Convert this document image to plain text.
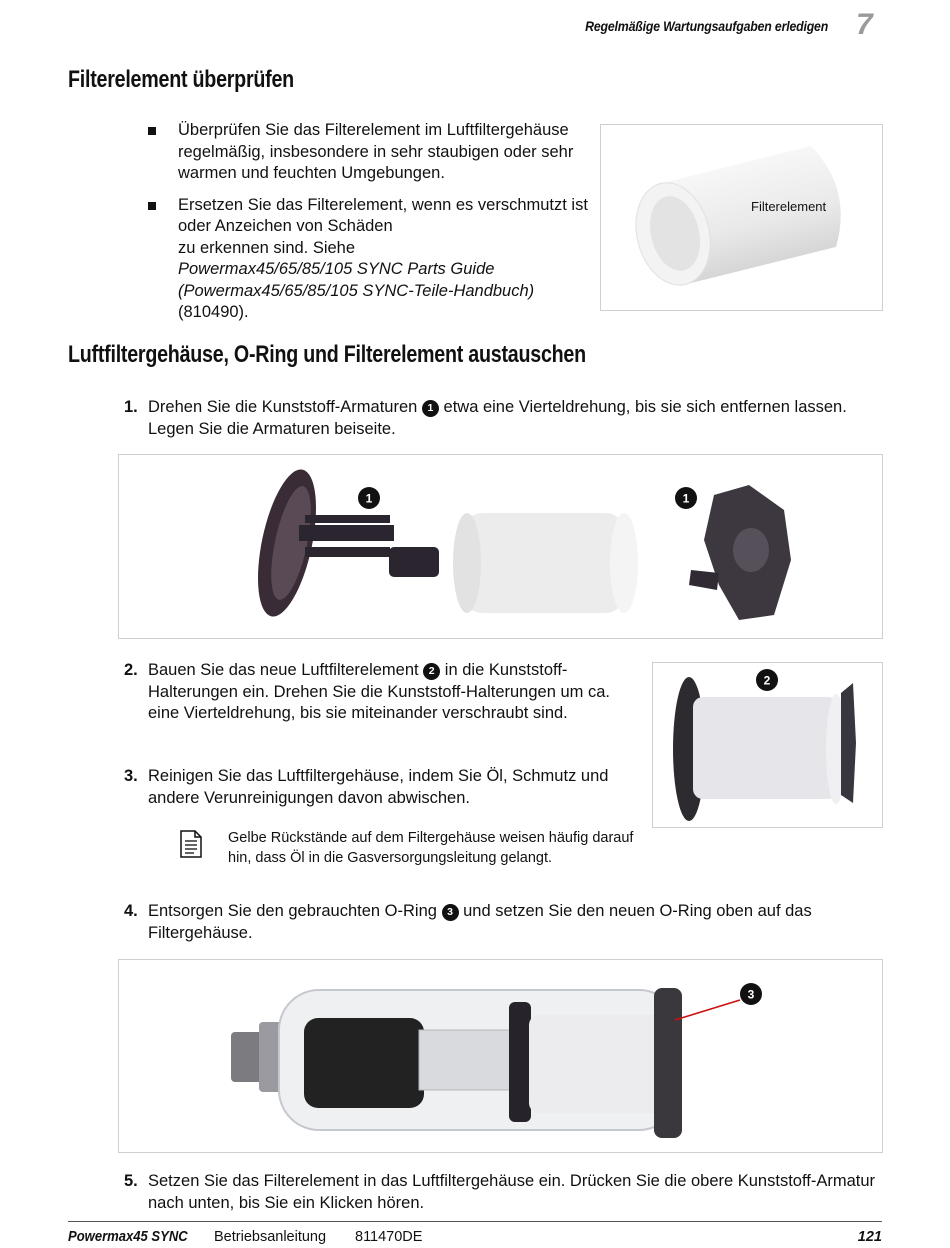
Regelmäßige Wartungsaufgaben erledigen 7
Filterelement überprüfen
Überprüfen Sie das Filterelement im Luftfiltergehäuse regelmäßig, insbesondere in sehr staubigen oder sehr warmen und feuchten Umgebungen.
Ersetzen Sie das Filterelement, wenn es verschmutzt ist oder Anzeichen von Schäden
zu erkennen sind. Siehe
Powermax45/65/85/105 SYNC Parts Guide (Powermax45/65/85/105 SYNC-Teile-Handbuch)
(810490).
Filterelement
Luftfiltergehäuse, O-Ring und Filterelement austauschen
1. Drehen Sie die Kunststoff-Armaturen 1 etwa eine Vierteldrehung, bis sie sich entfernen lassen. Legen Sie die Armaturen beiseite.
1	1
2. Bauen Sie das neue Luftfilterelement 2 in die Kunststoff-Halterungen ein. Drehen Sie die Kunststoff-Halterungen um ca. eine Vierteldrehung, bis sie miteinander verschraubt sind.
2
3. Reinigen Sie das Luftfiltergehäuse, indem Sie Öl, Schmutz und andere Verunreinigungen davon abwischen.
Gelbe Rückstände auf dem Filtergehäuse weisen häufig darauf hin, dass Öl in die Gasversorgungsleitung gelangt.
4. Entsorgen Sie den gebrauchten O-Ring 3 und setzen Sie den neuen O-Ring oben auf das Filtergehäuse.
3
5. Setzen Sie das Filterelement in das Luftfiltergehäuse ein. Drücken Sie die obere Kunststoff-Armatur nach unten, bis Sie ein Klicken hören.
Powermax45 SYNC Betriebsanleitung 811470DE	121
